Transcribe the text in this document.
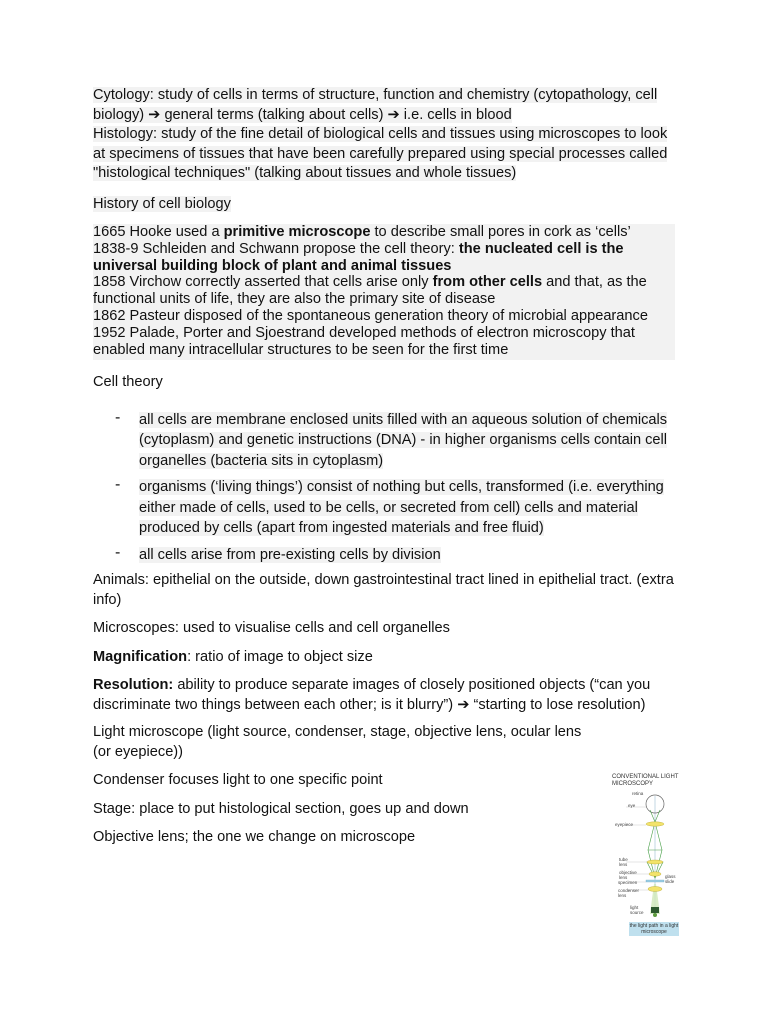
Cytology: study of cells in terms of structure, function and chemistry (cytopathology, cell biology) ➔ general terms (talking about cells) ➔ i.e. cells in blood

Histology: study of the fine detail of biological cells and tissues using microscopes to look at specimens of tissues that have been carefully prepared using special processes called "histological techniques" (talking about tissues and whole tissues)

History of cell biology

1665 Hooke used a primitive microscope to describe small pores in cork as ‘cells’
1838-9 Schleiden and Schwann propose the cell theory: the nucleated cell is the universal building block of plant and animal tissues
1858 Virchow correctly asserted that cells arise only from other cells and that, as the functional units of life, they are also the primary site of disease
1862 Pasteur disposed of the spontaneous generation theory of microbial appearance
1952 Palade, Porter and Sjoestrand developed methods of electron microscopy that enabled many intracellular structures to be seen for the first time

Cell theory

- all cells are membrane enclosed units filled with an aqueous solution of chemicals (cytoplasm) and genetic instructions (DNA) - in higher organisms cells contain cell organelles (bacteria sits in cytoplasm)
- organisms (‘living things’) consist of nothing but cells, transformed (i.e. everything either made of cells, used to be cells, or secreted from cell) cells and material produced by cells (apart from ingested materials and free fluid)
- all cells arise from pre-existing cells by division

Animals: epithelial on the outside, down gastrointestinal tract lined in epithelial tract. (extra info)

Microscopes: used to visualise cells and cell organelles

Magnification: ratio of image to object size

Resolution: ability to produce separate images of closely positioned objects (“can you discriminate two things between each other; is it blurry”) ➔ “starting to lose resolution)

Light microscope (light source, condenser, stage, objective lens, ocular lens (or eyepiece))

Condenser focuses light to one specific point

Stage: place to put histological section, goes up and down

Objective lens; the one we change on microscope

CONVENTIONAL LIGHT MICROSCOPY

retina
eye
eyepiece
tube lens
objective lens	glass slide
specimen
condenser lens
light source
the light path in a light microscope
